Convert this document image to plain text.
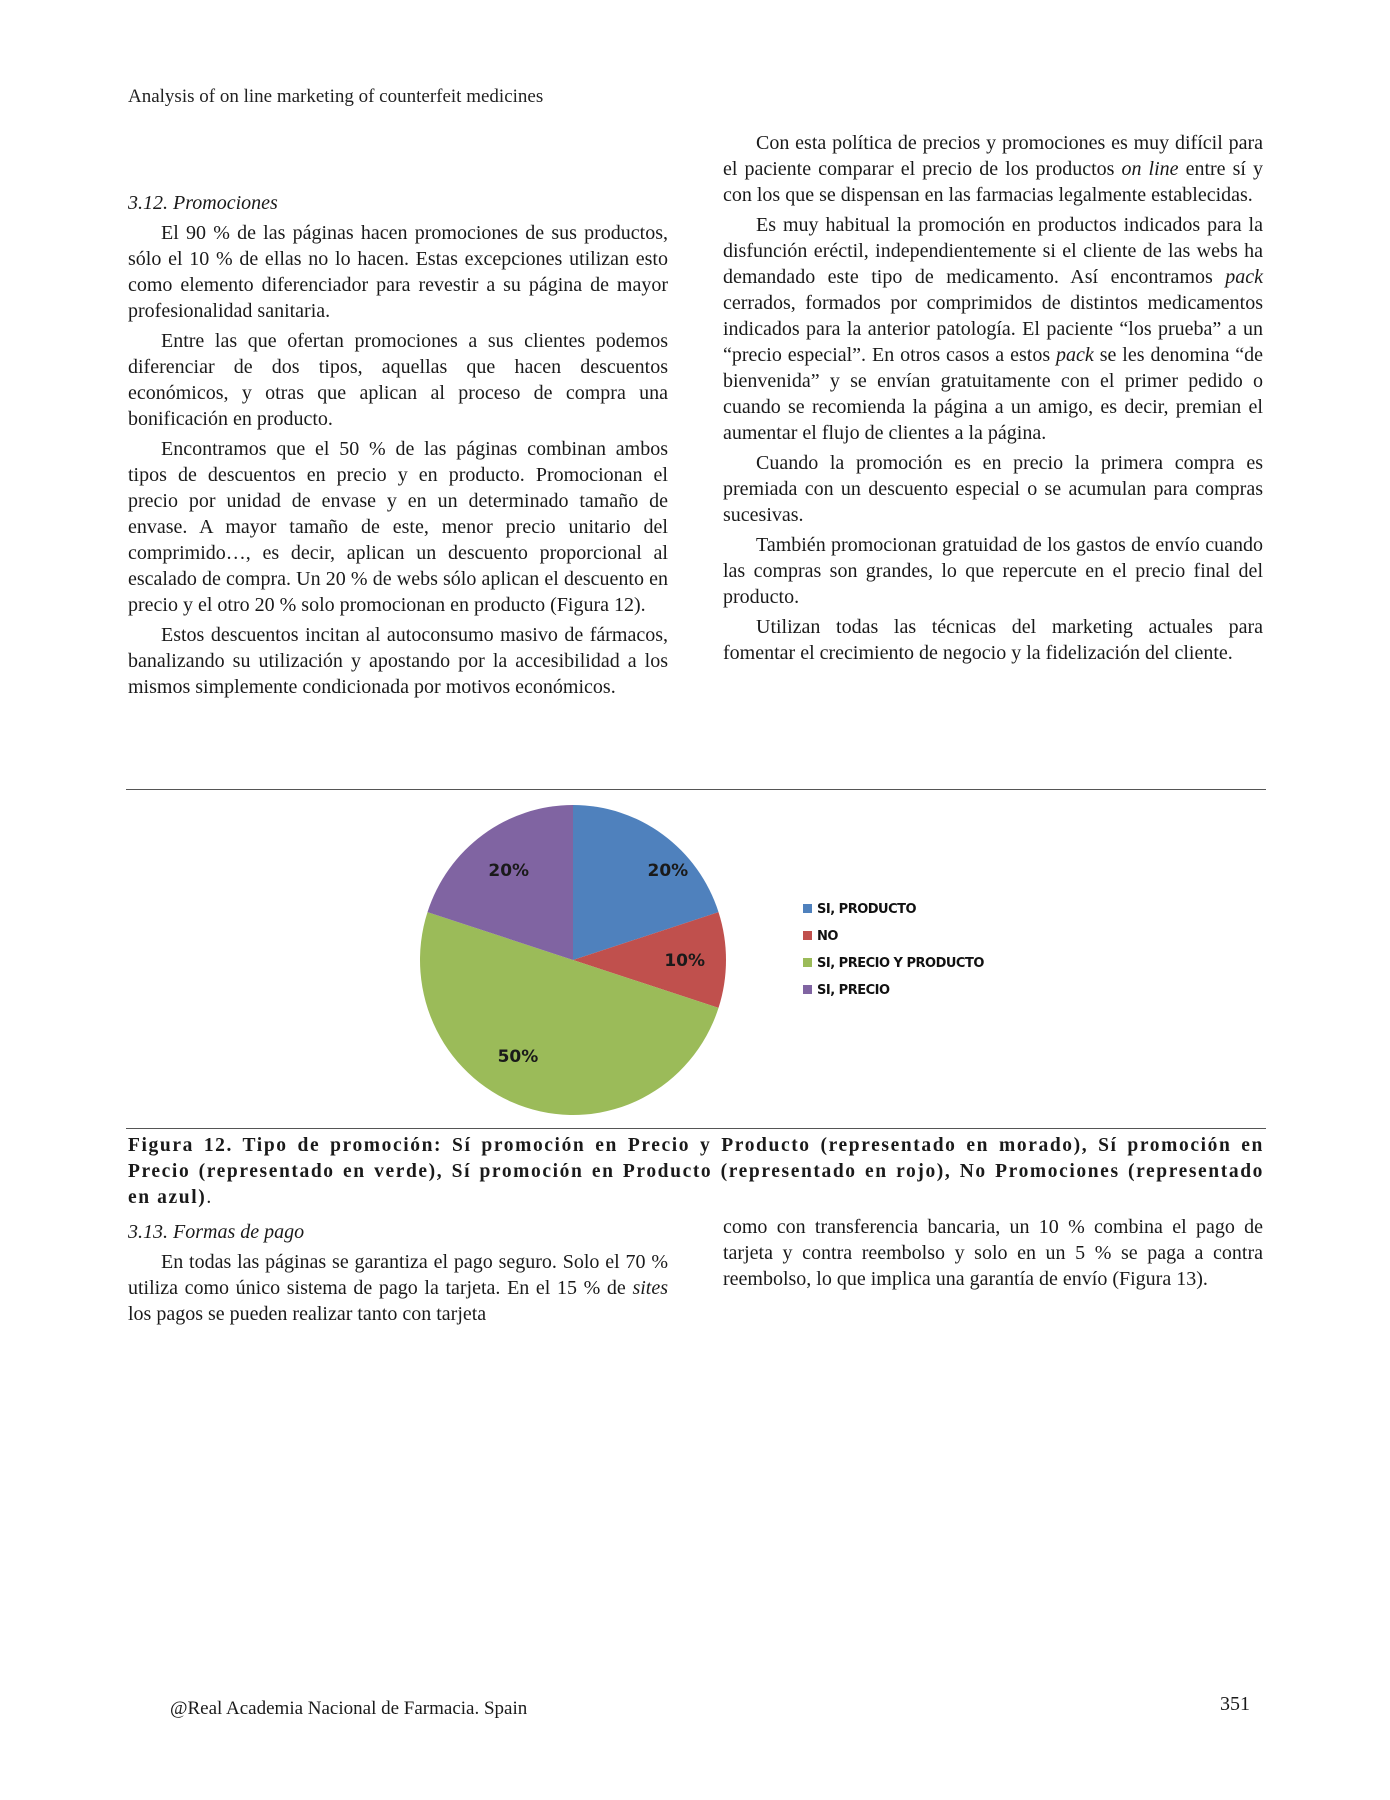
Analysis of on line marketing of counterfeit medicines
3.12. Promociones

El 90 % de las páginas hacen promociones de sus productos, sólo el 10 % de ellas no lo hacen. Estas excepciones utilizan esto como elemento diferenciador para revestir a su página de mayor profesionalidad sanitaria.

Entre las que ofertan promociones a sus clientes podemos diferenciar de dos tipos, aquellas que hacen descuentos económicos, y otras que aplican al proceso de compra una bonificación en producto.

Encontramos que el 50 % de las páginas combinan ambos tipos de descuentos en precio y en producto. Promocionan el precio por unidad de envase y en un determinado tamaño de envase. A mayor tamaño de este, menor precio unitario del comprimido…, es decir, aplican un descuento proporcional al escalado de compra. Un 20 % de webs sólo aplican el descuento en precio y el otro 20 % solo promocionan en producto (Figura 12).

Estos descuentos incitan al autoconsumo masivo de fármacos, banalizando su utilización y apostando por la accesibilidad a los mismos simplemente condicionada por motivos económicos.

Con esta política de precios y promociones es muy difícil para el paciente comparar el precio de los productos on line entre sí y con los que se dispensan en las farmacias legalmente establecidas.

Es muy habitual la promoción en productos indicados para la disfunción eréctil, independientemente si el cliente de las webs ha demandado este tipo de medicamento. Así encontramos pack cerrados, formados por comprimidos de distintos medicamentos indicados para la anterior patología. El paciente “los prueba” a un “precio especial”. En otros casos a estos pack se les denomina “de bienvenida” y se envían gratuitamente con el primer pedido o cuando se recomienda la página a un amigo, es decir, premian el aumentar el flujo de clientes a la página.

Cuando la promoción es en precio la primera compra es premiada con un descuento especial o se acumulan para compras sucesivas.

También promocionan gratuidad de los gastos de envío cuando las compras son grandes, lo que repercute en el precio final del producto.

Utilizan todas las técnicas del marketing actuales para fomentar el crecimiento de negocio y la fidelización del cliente.

20%
10%
50%
20%
SI, PRODUCTO
NO
SI, PRECIO Y PRODUCTO
SI, PRECIO
Figura 12. Tipo de promoción: Sí promoción en Precio y Producto (representado en morado), Sí promoción en Precio (representado en verde), Sí promoción en Producto (representado en rojo), No Promociones (representado en azul).
3.13. Formas de pago

En todas las páginas se garantiza el pago seguro. Solo el 70 % utiliza como único sistema de pago la tarjeta. En el 15 % de sites los pagos se pueden realizar tanto con tarjeta

como con transferencia bancaria, un 10 % combina el pago de tarjeta y contra reembolso y solo en un 5 % se paga a contra reembolso, lo que implica una garantía de envío (Figura 13).

@Real Academia Nacional de Farmacia. Spain	351
